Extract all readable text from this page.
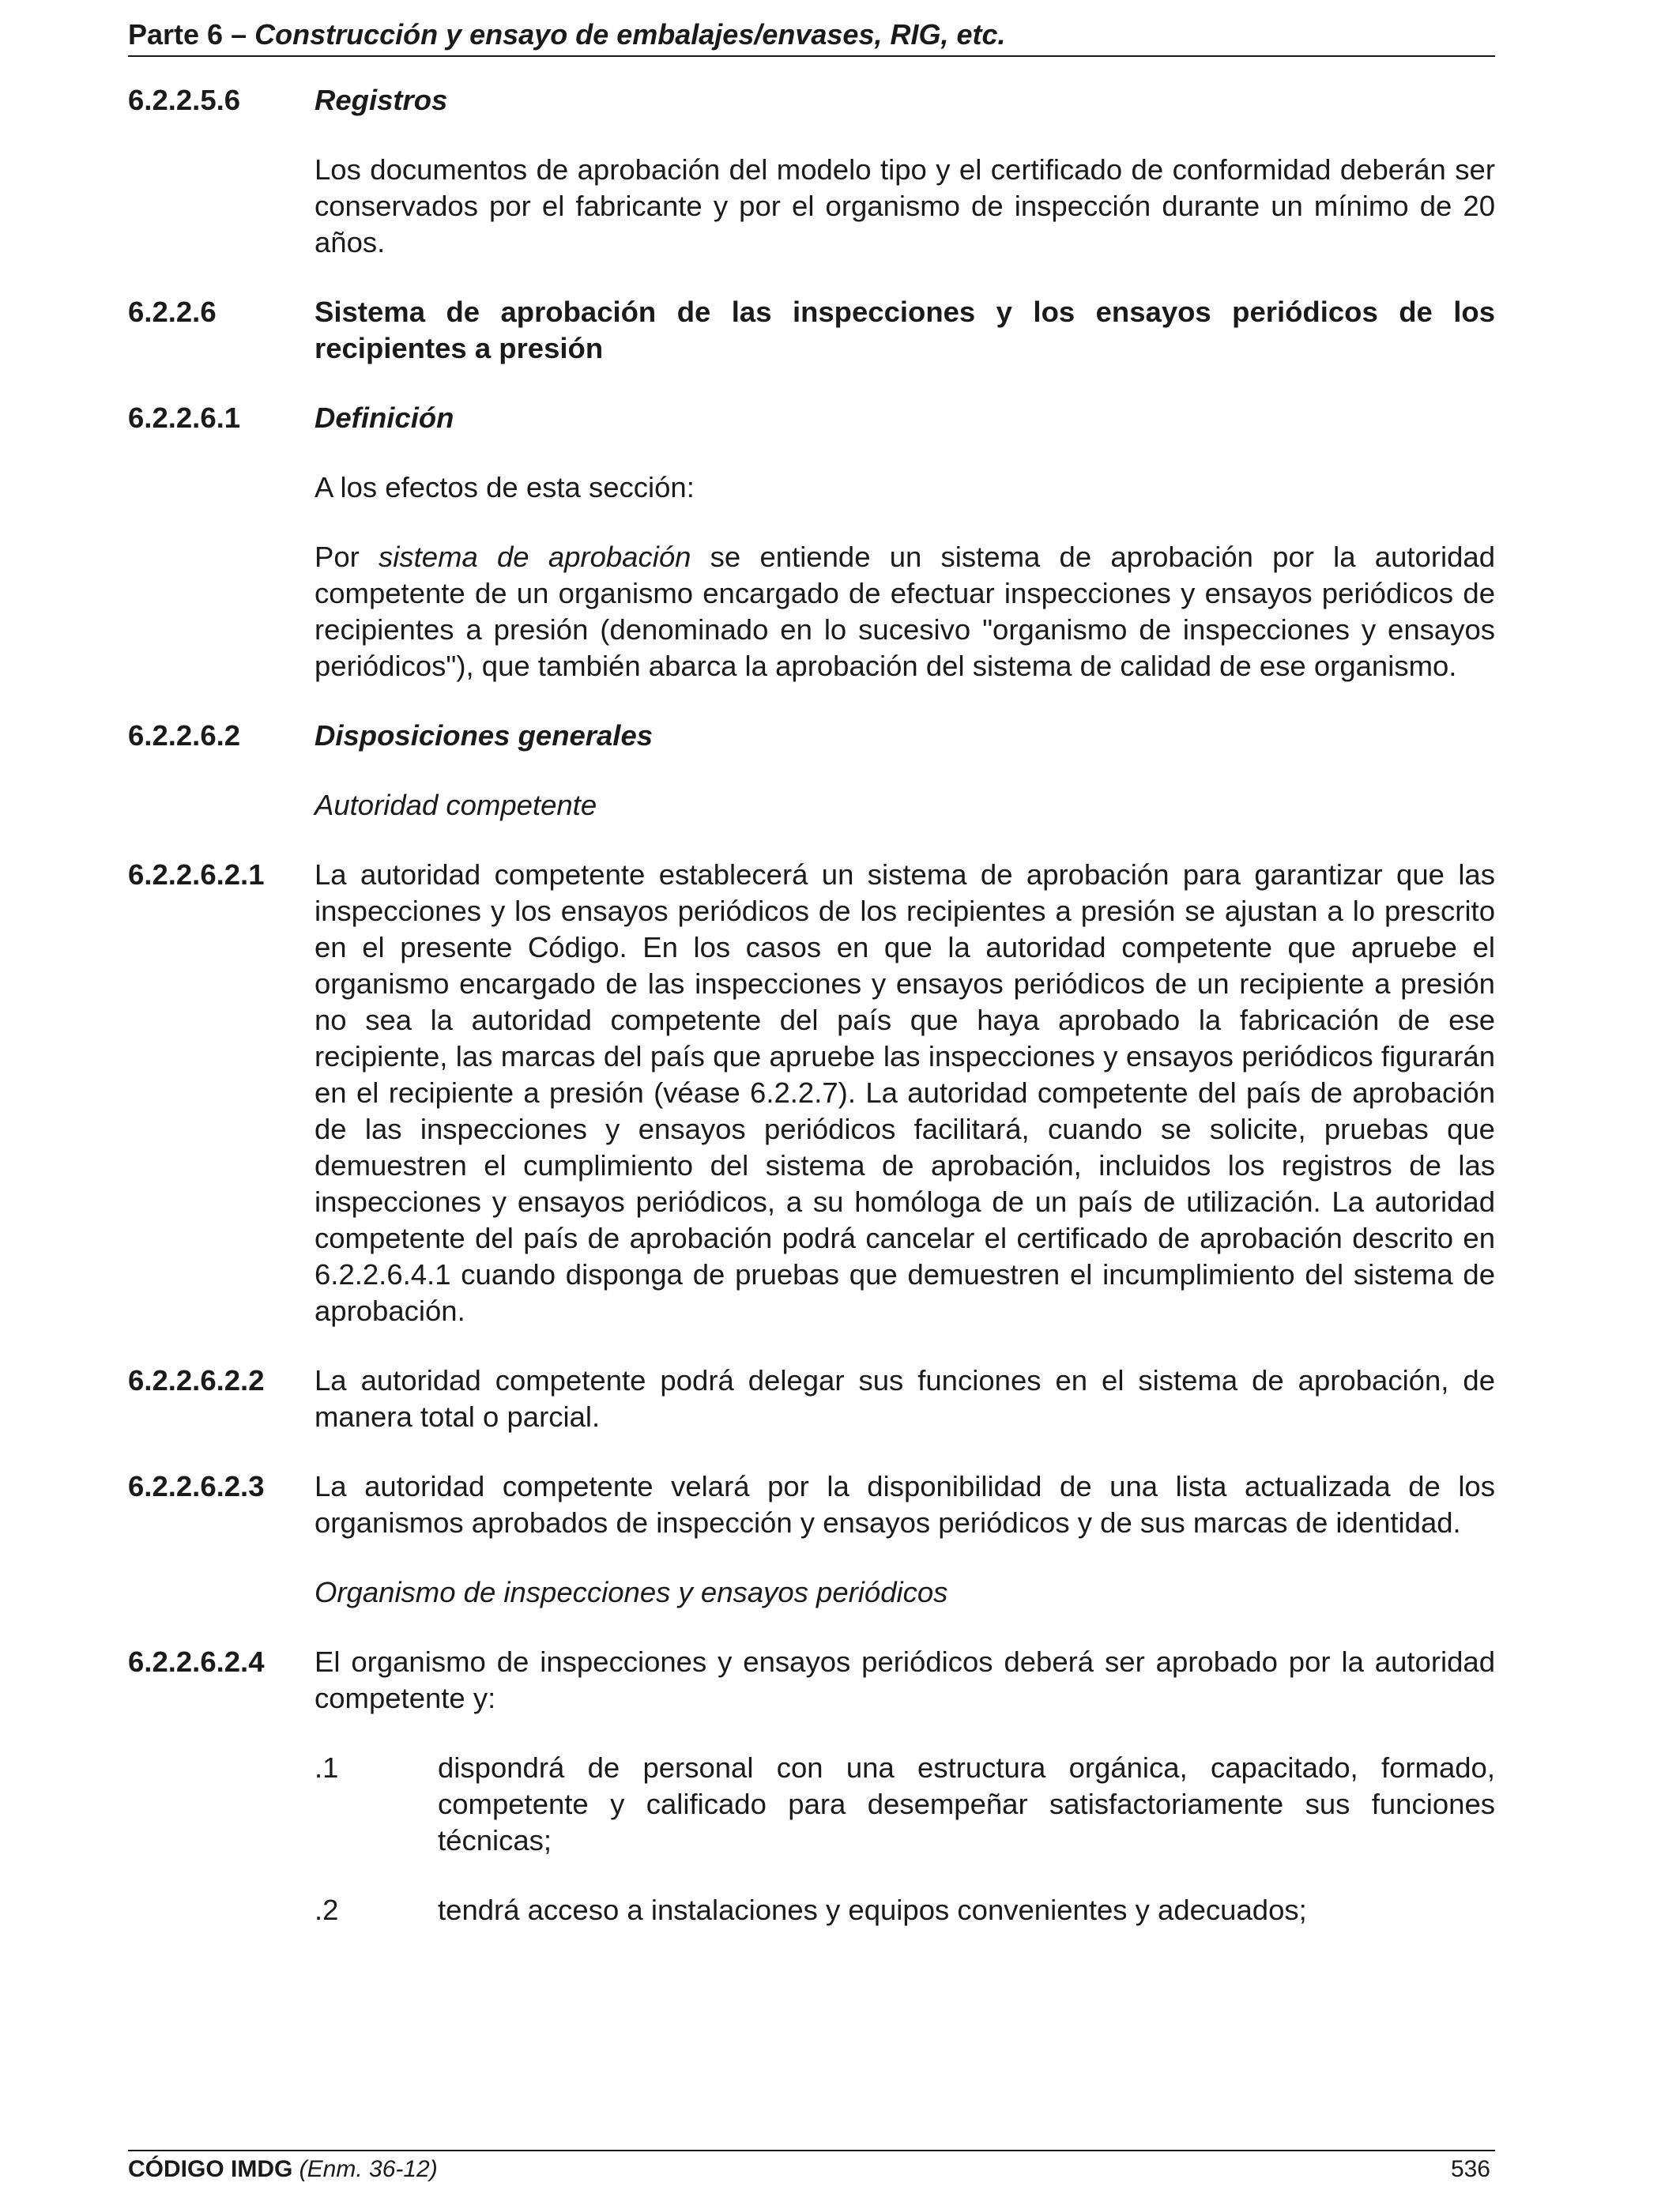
Parte 6 – Construcción y ensayo de embalajes/envases, RIG, etc.
6.2.2.5.6	Registros
Los documentos de aprobación del modelo tipo y el certificado de conformidad deberán ser conservados por el fabricante y por el organismo de inspección durante un mínimo de 20 años.
6.2.2.6	Sistema de aprobación de las inspecciones y los ensayos periódicos de los recipientes a presión
6.2.2.6.1	Definición
A los efectos de esta sección:
Por sistema de aprobación se entiende un sistema de aprobación por la autoridad competente de un organismo encargado de efectuar inspecciones y ensayos periódicos de recipientes a presión (denominado en lo sucesivo "organismo de inspecciones y ensayos periódicos"), que también abarca la aprobación del sistema de calidad de ese organismo.
6.2.2.6.2	Disposiciones generales
Autoridad competente
6.2.2.6.2.1 La autoridad competente establecerá un sistema de aprobación para garantizar que las inspecciones y los ensayos periódicos de los recipientes a presión se ajustan a lo prescrito en el presente Código. En los casos en que la autoridad competente que apruebe el organismo encargado de las inspecciones y ensayos periódicos de un recipiente a presión no sea la autoridad competente del país que haya aprobado la fabricación de ese recipiente, las marcas del país que apruebe las inspecciones y ensayos periódicos figurarán en el recipiente a presión (véase 6.2.2.7). La autoridad competente del país de aprobación de las inspecciones y ensayos periódicos facilitará, cuando se solicite, pruebas que demuestren el cumplimiento del sistema de aprobación, incluidos los registros de las inspecciones y ensayos periódicos, a su homóloga de un país de utilización. La autoridad competente del país de aprobación podrá cancelar el certificado de aprobación descrito en 6.2.2.6.4.1 cuando disponga de pruebas que demuestren el incumplimiento del sistema de aprobación.
6.2.2.6.2.2 La autoridad competente podrá delegar sus funciones en el sistema de aprobación, de manera total o parcial.
6.2.2.6.2.3 La autoridad competente velará por la disponibilidad de una lista actualizada de los organismos aprobados de inspección y ensayos periódicos y de sus marcas de identidad.
Organismo de inspecciones y ensayos periódicos
6.2.2.6.2.4 El organismo de inspecciones y ensayos periódicos deberá ser aprobado por la autoridad competente y:
.1	dispondrá de personal con una estructura orgánica, capacitado, formado, competente y calificado para desempeñar satisfactoriamente sus funciones técnicas;
.2	tendrá acceso a instalaciones y equipos convenientes y adecuados;
CÓDIGO IMDG (Enm. 36-12)	536
